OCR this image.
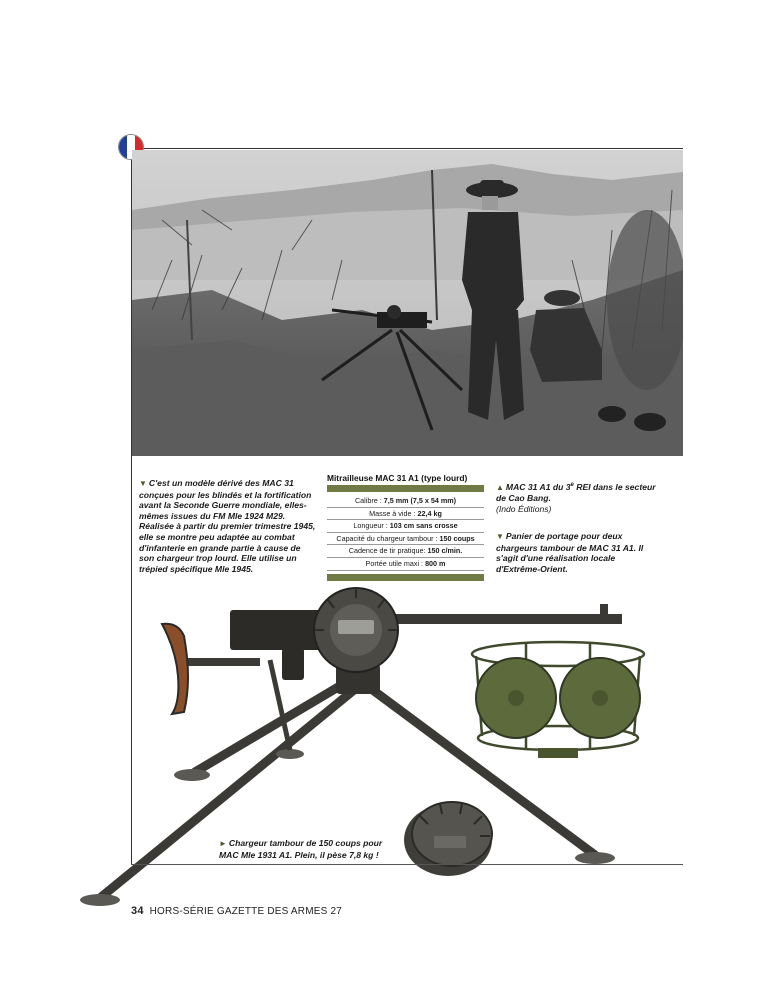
▼ C'est un modèle dérivé des MAC 31 conçues pour les blindés et la fortification avant la Seconde Guerre mondiale, elles-mêmes issues du FM Mle 1924 M29. Réalisée à partir du premier trimestre 1945, elle se montre peu adaptée au combat d'infanterie en grande partie à cause de son chargeur trop lourd. Elle utilise un trépied spécifique Mle 1945.
Mitrailleuse MAC 31 A1 (type lourd)
Calibre : 7,5 mm (7,5 x 54 mm)
Masse à vide : 22,4 kg
Longueur : 103 cm sans crosse
Capacité du chargeur tambour : 150 coups
Cadence de tir pratique: 150 c/min.
Portée utile maxi : 800 m
▲ MAC 31 A1 du 3e REI dans le secteur de Cao Bang.
(Indo Éditions)
▼ Panier de portage pour deux chargeurs tambour de MAC 31 A1. Il s'agit d'une réalisation locale d'Extrême-Orient.
► Chargeur tambour de 150 coups pour MAC Mle 1931 A1. Plein, il pèse 7,8 kg !
34 HORS-SÉRIE GAZETTE DES ARMES 27
